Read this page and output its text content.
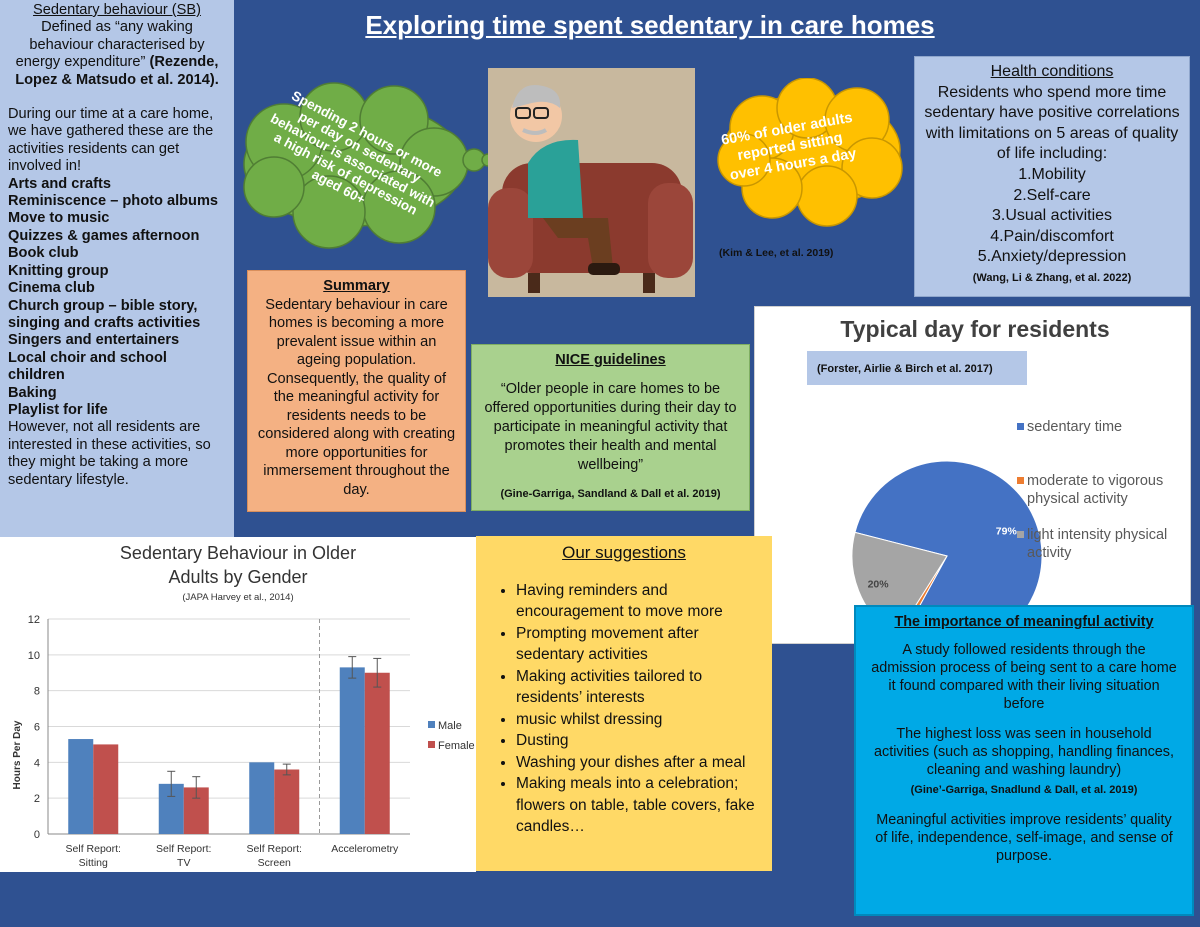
Exploring time spent sedentary in care homes
Sedentary behaviour (SB)
Defined as “any waking behaviour characterised by energy expenditure” (Rezende, Lopez & Matsudo et al. 2014).
During our time at a care home, we have gathered these are the activities residents can get involved in!
Arts and crafts
Reminiscence – photo albums
Move to music
Quizzes & games afternoon
Book club
Knitting group
Cinema club
Church group – bible story, singing and crafts activities
Singers and entertainers
Local choir and school children
Baking
Playlist for life
However, not all residents are interested in these activities, so they might be taking a more sedentary lifestyle.
Spending 2 hours or more per day on sedentary behaviour is associated with a high risk of depression aged 60+
60% of older adults reported sitting over 4 hours a day
(Kim & Lee, et al. 2019)
Health conditions
Residents who spend more time sedentary have positive correlations with limitations on 5 areas of quality of life including:
1.Mobility
2.Self-care
3.Usual activities
4.Pain/discomfort
5.Anxiety/depression
(Wang, Li & Zhang, et al. 2022)
Summary
Sedentary behaviour in care homes is becoming a more prevalent issue within an ageing population. Consequently, the quality of the meaningful activity for residents needs to be considered along with creating more opportunities for immersement throughout the day.
NICE guidelines
“Older people in care homes to be offered opportunities during their day to participate in meaningful activity that promotes their health and mental wellbeing”
(Gine-Garriga, Sandland & Dall et al. 2019)
Typical day for residents
(Forster, Airlie & Birch et al. 2017)
79%
20%
sedentary time
moderate to vigorous
physical activity
light intensity physical
activity
Sedentary Behaviour in Older
Adults by Gender
(JAPA Harvey et al., 2014)
Hours Per Day
0
2
4
6
8
10
12
Self Report:
Sitting
Self Report:
TV
Self Report:
Screen
Accelerometry
Male
Female
Our suggestions
• Having reminders and encouragement to move more
• Prompting movement after sedentary activities
• Making activities tailored to residents’ interests
• music whilst dressing
• Dusting
• Washing your dishes after a meal
• Making meals into a celebration; flowers on table, table covers, fake candles…

The importance of meaningful activity

A study followed residents through the admission process of being sent to a care home it found compared with their living situation before

The highest loss was seen in household activities (such as shopping, handling finances, cleaning and washing laundry)

(Gine’-Garriga, Snadlund & Dall, et al. 2019)

Meaningful activities improve residents’ quality of life, independence, self-image, and sense of purpose.
